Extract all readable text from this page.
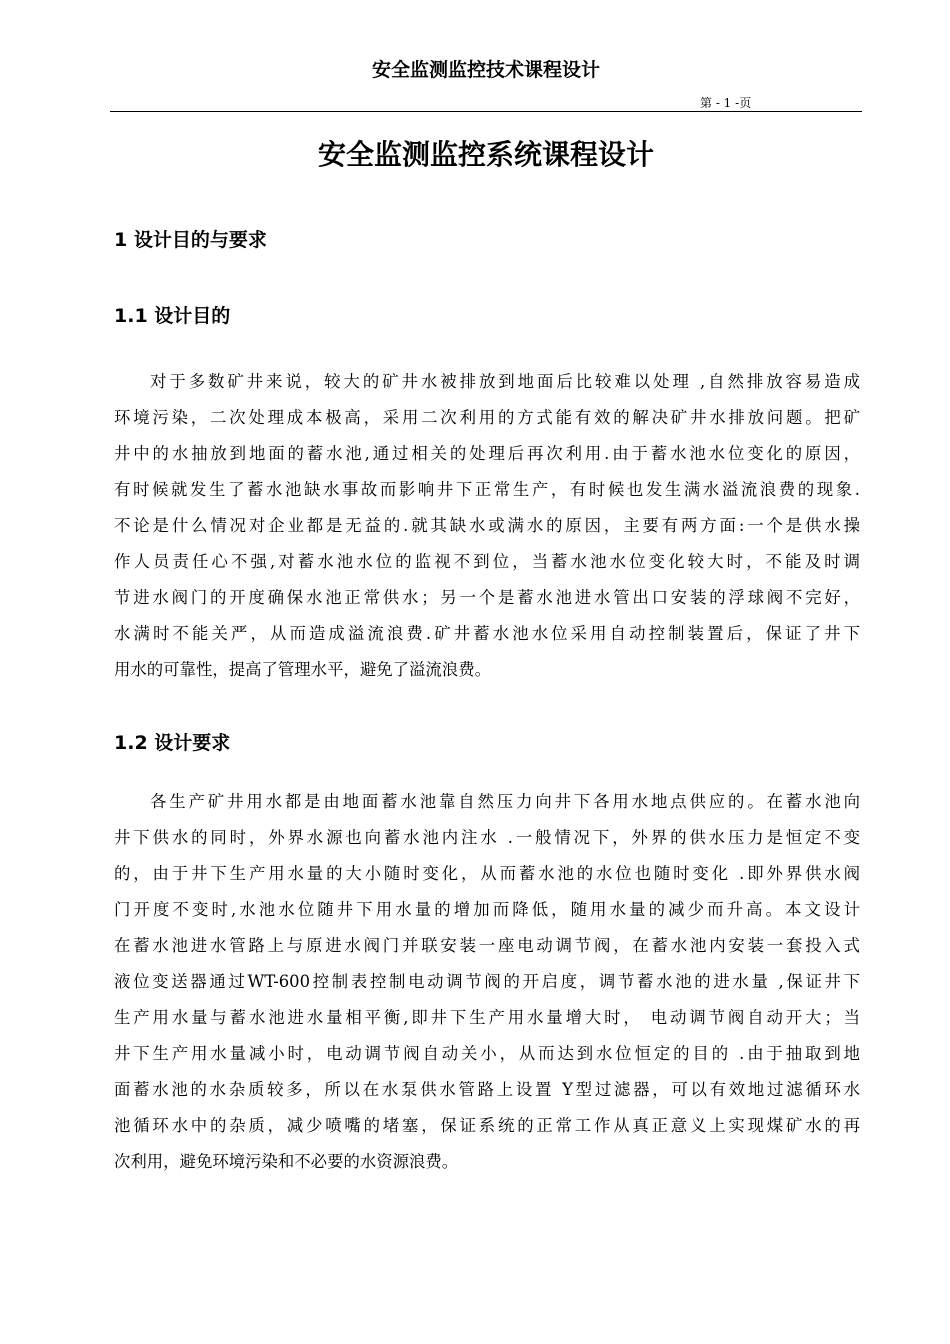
安全监测监控技术课程设计
第 - 1 -页
安全监测监控系统课程设计
1 设计目的与要求
1.1 设计目的
对于多数矿井来说，较大的矿井水被排放到地面后比较难以处理 ,自然排放容易造成
环境污染，二次处理成本极高，采用二次利用的方式能有效的解决矿井水排放问题。把矿
井中的水抽放到地面的蓄水池,通过相关的处理后再次利用.由于蓄水池水位变化的原因，
有时候就发生了蓄水池缺水事故而影响井下正常生产，有时候也发生满水溢流浪费的现象.
不论是什么情况对企业都是无益的.就其缺水或满水的原因，主要有两方面:一个是供水操
作人员责任心不强,对蓄水池水位的监视不到位，当蓄水池水位变化较大时，不能及时调
节进水阀门的开度确保水池正常供水；另一个是蓄水池进水管出口安装的浮球阀不完好，
水满时不能关严，从而造成溢流浪费.矿井蓄水池水位采用自动控制装置后，保证了井下
用水的可靠性，提高了管理水平，避免了溢流浪费。
1.2 设计要求
各生产矿井用水都是由地面蓄水池靠自然压力向井下各用水地点供应的。在蓄水池向
井下供水的同时，外界水源也向蓄水池内注水 .一般情况下，外界的供水压力是恒定不变
的，由于井下生产用水量的大小随时变化，从而蓄水池的水位也随时变化 .即外界供水阀
门开度不变时,水池水位随井下用水量的增加而降低，随用水量的减少而升高。本文设计
在蓄水池进水管路上与原进水阀门并联安装一座电动调节阀，在蓄水池内安装一套投入式
液位变送器通过WT-600控制表控制电动调节阀的开启度，调节蓄水池的进水量 ,保证井下
生产用水量与蓄水池进水量相平衡,即井下生产用水量增大时， 电动调节阀自动开大；当
井下生产用水量减小时，电动调节阀自动关小，从而达到水位恒定的目的 .由于抽取到地
面蓄水池的水杂质较多，所以在水泵供水管路上设置 Y型过滤器，可以有效地过滤循环水
池循环水中的杂质，减少喷嘴的堵塞，保证系统的正常工作从真正意义上实现煤矿水的再
次利用，避免环境污染和不必要的水资源浪费。
